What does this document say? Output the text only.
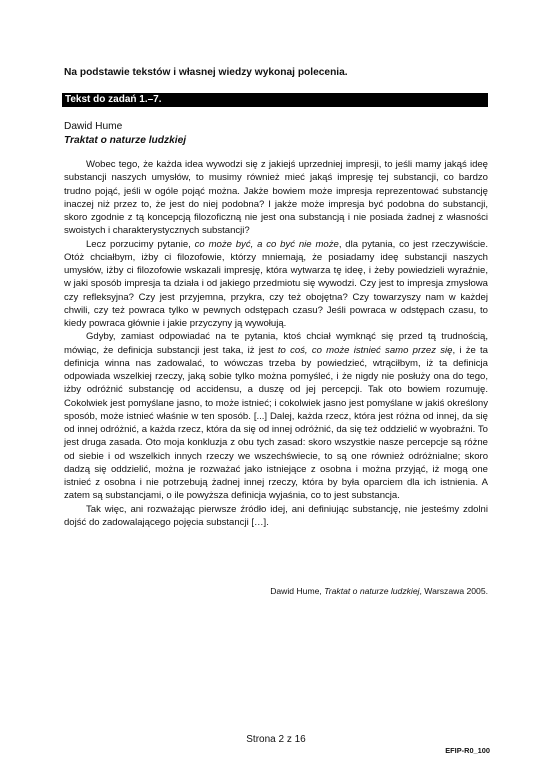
Na podstawie tekstów i własnej wiedzy wykonaj polecenia.
Tekst do zadań 1.–7.
Dawid Hume
Traktat o naturze ludzkiej

Wobec tego, że każda idea wywodzi się z jakiejś uprzedniej impresji, to jeśli mamy jakąś ideę substancji naszych umysłów, to musimy również mieć jakąś impresję tej substancji, co bardzo trudno pojąć, jeśli w ogóle pojąć można. Jakże bowiem może impresja reprezentować substancję inaczej niż przez to, że jest do niej podobna? I jakże może impresja być podobna do substancji, skoro zgodnie z tą koncepcją filozoficzną nie jest ona substancją i nie posiada żadnej z własności swoistych i charakterystycznych substancji?

Lecz porzucimy pytanie, co może być, a co być nie może, dla pytania, co jest rzeczywiście. Otóż chciałbym, iżby ci filozofowie, którzy mniemają, że posiadamy ideę substancji naszych umysłów, iżby ci filozofowie wskazali impresję, która wytwarza tę ideę, i żeby powiedzieli wyraźnie, w jaki sposób impresja ta działa i od jakiego przedmiotu się wywodzi. Czy jest to impresja zmysłowa czy refleksyjna? Czy jest przyjemna, przykra, czy też obojętna? Czy towarzyszy nam w każdej chwili, czy też powraca tylko w pewnych odstępach czasu? Jeśli powraca w odstępach czasu, to kiedy powraca głównie i jakie przyczyny ją wywołują.

Gdyby, zamiast odpowiadać na te pytania, ktoś chciał wymknąć się przed tą trudnością, mówiąc, że definicja substancji jest taka, iż jest to coś, co może istnieć samo przez się, i że ta definicja winna nas zadowalać, to wówczas trzeba by powiedzieć, wtrąciłbym, iż ta definicja odpowiada wszelkiej rzeczy, jaką sobie tylko można pomyśleć, i że nigdy nie posłuży ona do tego, iżby odróżnić substancję od accidensu, a duszę od jej percepcji. Tak oto bowiem rozumuję. Cokolwiek jest pomyślane jasno, to może istnieć; i cokolwiek jasno jest pomyślane w jakiś określony sposób, może istnieć właśnie w ten sposób. [...] Dalej, każda rzecz, która jest różna od innej, da się od innej odróżnić, a każda rzecz, która da się od innej odróżnić, da się też oddzielić w wyobraźni. To jest druga zasada. Oto moja konkluzja z obu tych zasad: skoro wszystkie nasze percepcje są różne od siebie i od wszelkich innych rzeczy we wszechświecie, to są one również odróżnialne; skoro dadzą się oddzielić, można je rozważać jako istniejące z osobna i można przyjąć, iż mogą one istnieć z osobna i nie potrzebują żadnej innej rzeczy, która by była oparciem dla ich istnienia. A zatem są substancjami, o ile powyższa definicja wyjaśnia, co to jest substancja.

Tak więc, ani rozważając pierwsze źródło idej, ani definiując substancję, nie jesteśmy zdolni dojść do zadowalającego pojęcia substancji […].

Dawid Hume, Traktat o naturze ludzkiej, Warszawa 2005.
Strona 2 z 16
EFIP-R0_100
